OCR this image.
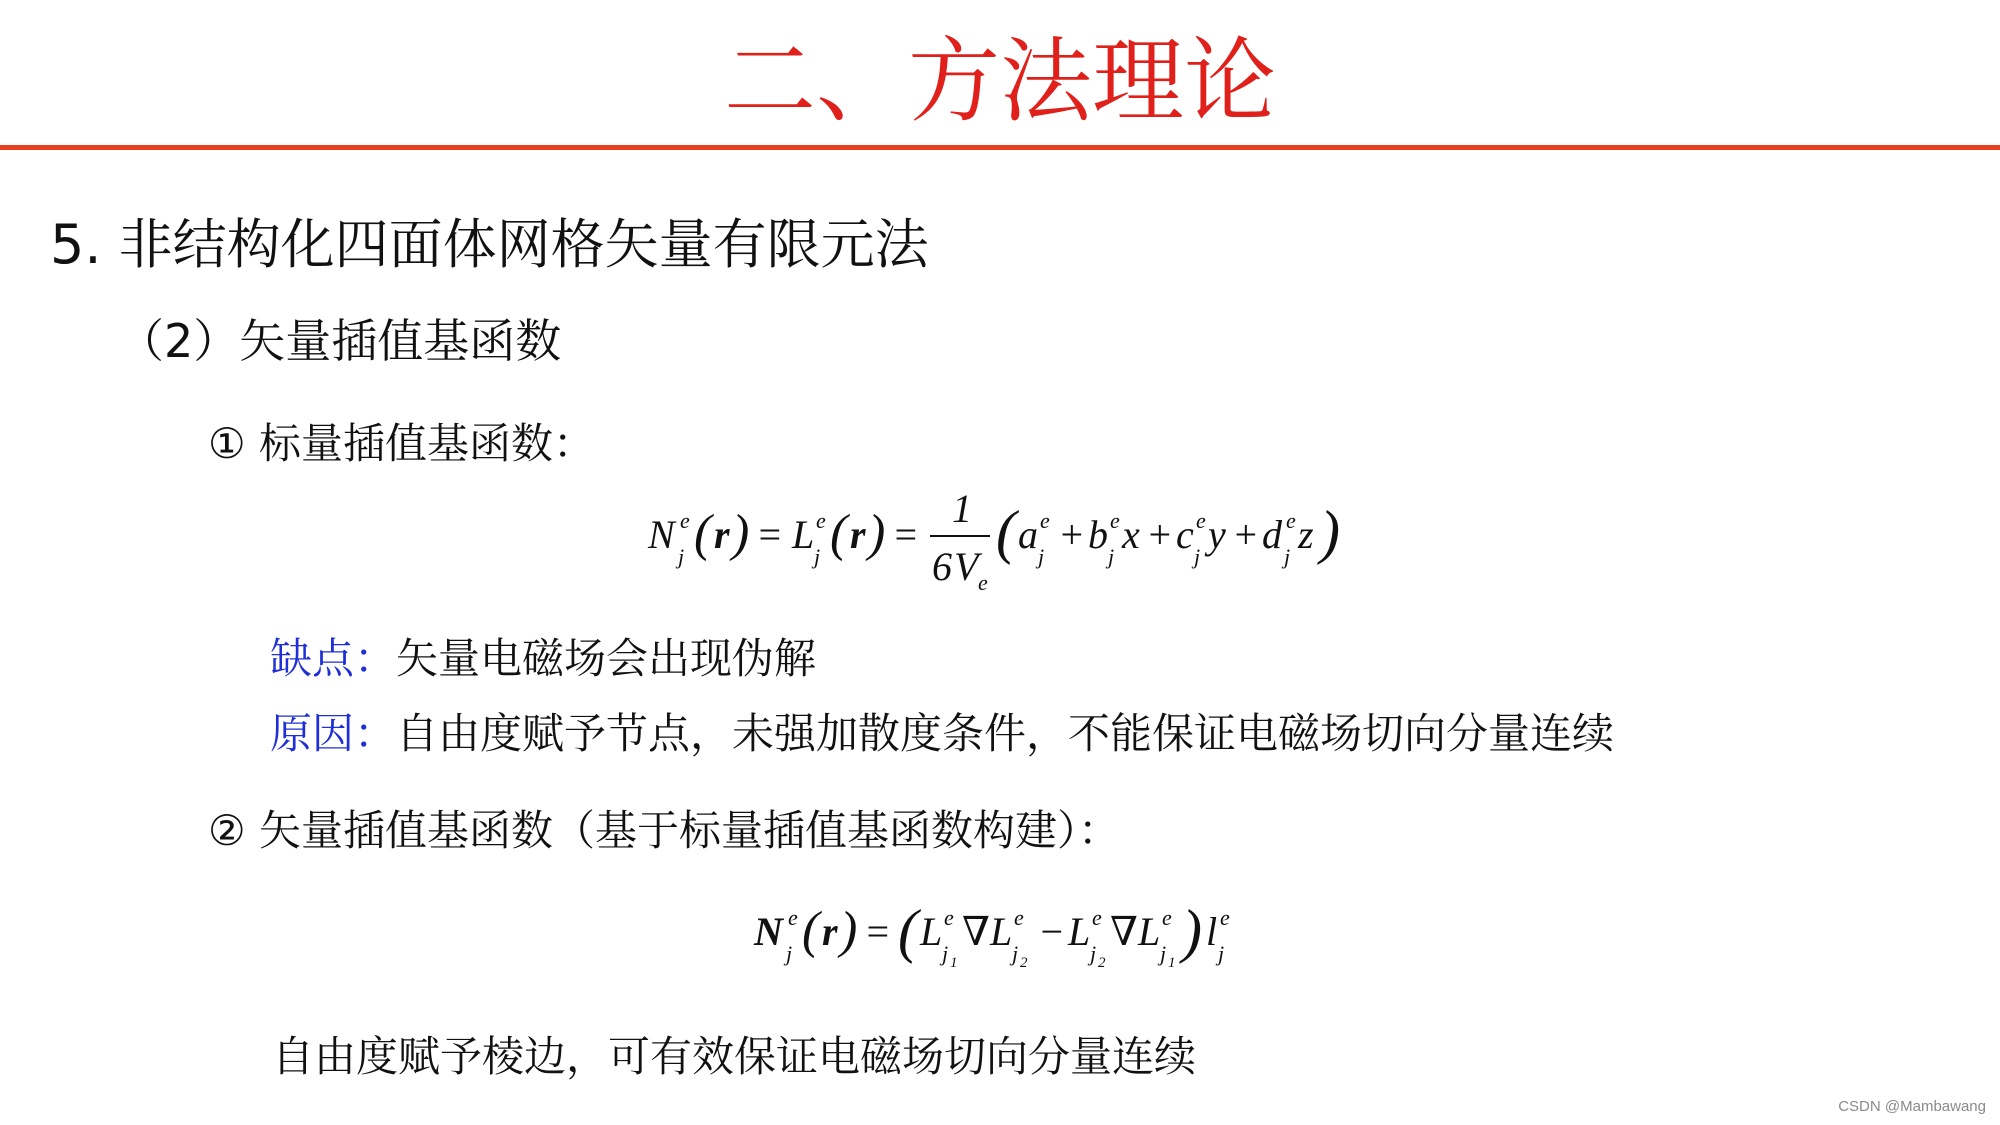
二、方法理论

5. 非结构化四面体网格矢量有限元法

（2）矢量插值基函数

① 标量插值基函数：

N e
j ( r ) = L e
j ( r ) =
1
6 V e
( a e
j + b e
j x + c e
j y + d e
j z )

缺点：矢量电磁场会出现伪解

原因：自由度赋予节点，未强加散度条件，不能保证电磁场切向分量连续

② 矢量插值基函数（基于标量插值基函数构建）：

N e
j ( r ) = ( L e
j 1
∇ L e
j 2
− L e
j 2
∇ L e
j 1 ) l e
j

自由度赋予棱边，可有效保证电磁场切向分量连续

CSDN @Mambawang
